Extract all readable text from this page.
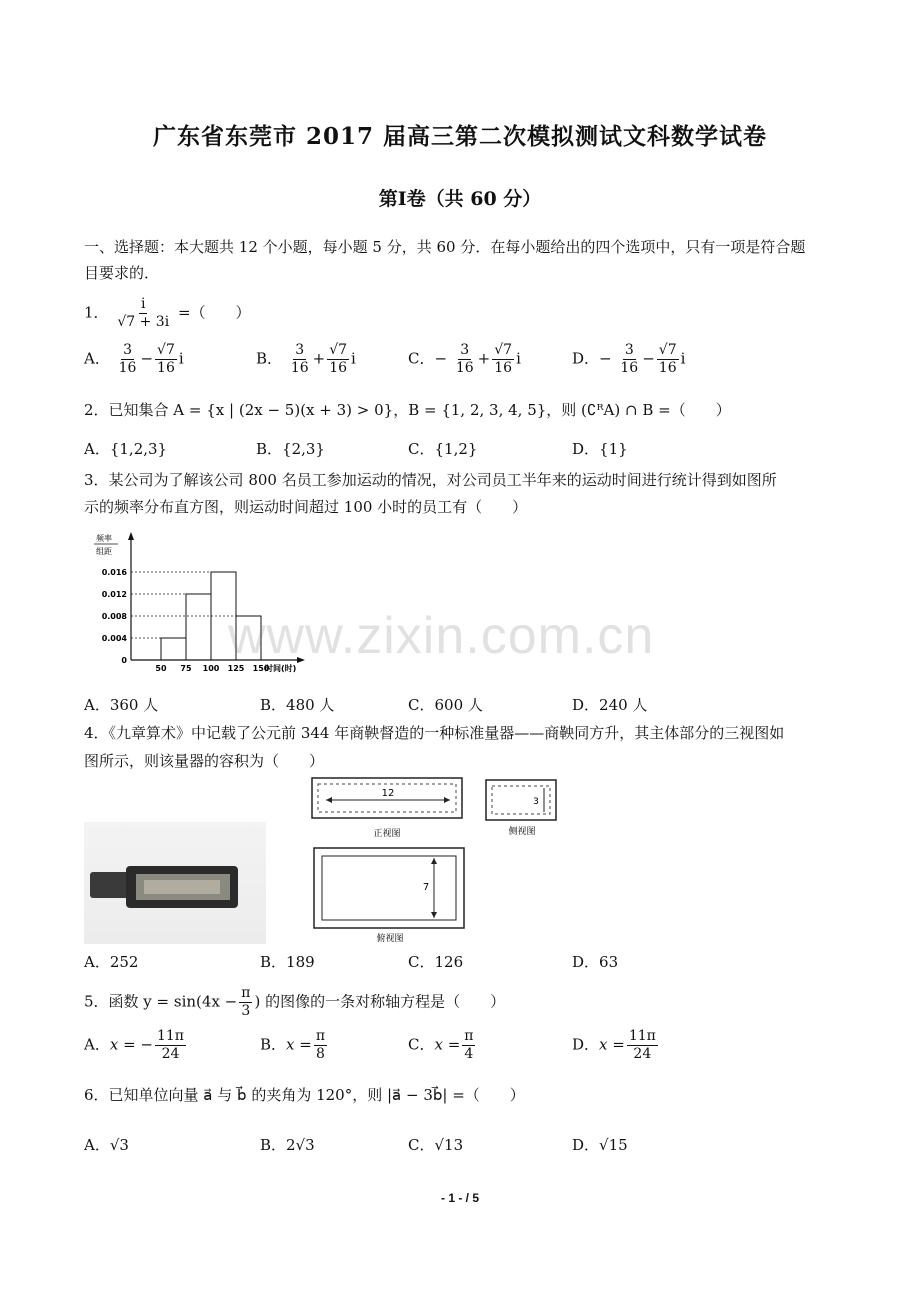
广东省东莞市 2017 届高三第二次模拟测试文科数学试卷
第Ⅰ卷（共 60 分）
一、选择题：本大题共 12 个小题，每小题 5 分，共 60 分．在每小题给出的四个选项中，只有一项是符合题
目要求的．
1． $\frac{i}{√7 + 3i}$ =（　　）
A． $\frac{3}{16} - \frac{√7}{16}$ i	B． $\frac{3}{16} + \frac{√7}{16}$ i	C．− $\frac{3}{16} + \frac{√7}{16}$ i	D．− $\frac{3}{16} - \frac{√7}{16}$ i
2．已知集合 A = {x | (2x − 5)(x + 3) > 0}，B = {1, 2, 3, 4, 5}，则 (∁ᴿA) ∩ B =（　　）
A．{1,2,3}	B．{2,3}	C．{1,2}	D．{1}
3．某公司为了解该公司 800 名员工参加运动的情况，对公司员工半年来的运动时间进行统计得到如图所
示的频率分布直方图，则运动时间超过 100 小时的员工有（　　）
频率
组距
0
0.004
0.008
0.012
0.016
50 75 100 125 150
时间(时)
A．360 人	B．480 人	C．600 人	D．240 人
4．《九章算术》中记载了公元前 344 年商鞅督造的一种标准量器——商鞅同方升，其主体部分的三视图如
图所示，则该量器的容积为（　　）
12
正视图
7
俯视图
3
侧视图
A．252	B．189	C．126	D．63
5．函数 $y = \sin(4x - \frac{\pi}{3}$ ) 的图像的一条对称轴方程是（　　）
A．x = − $\frac{11\pi}{24}$	B．$x = \frac{\pi}{8}$	C．$x = \frac{\pi}{4}$	D．$x = \frac{11\pi}{24}$
6．已知单位向量 a⃗ 与 b⃗ 的夹角为 120°，则 |a⃗ − 3b⃗| =（　　）
A．√3	B．2√3	C．√13	D．√15
www.zixin.com.cn
- 1 - / 5
